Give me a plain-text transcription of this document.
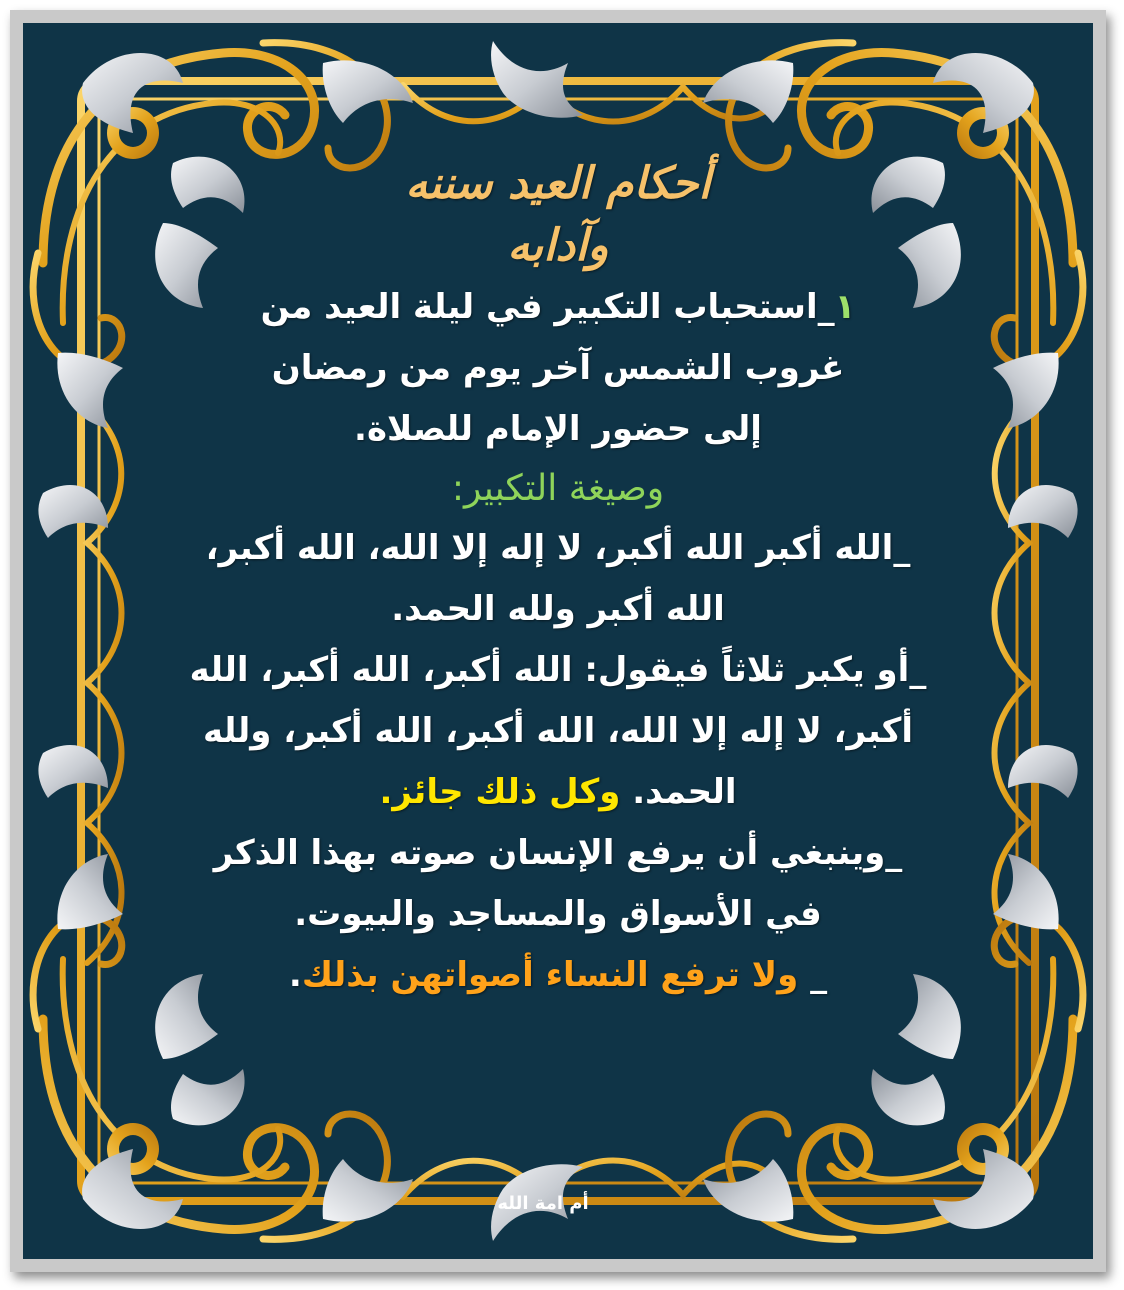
أحكام العيد سننه
وآدابه

١_استحباب التكبير في ليلة العيد من

غروب الشمس آخر يوم من رمضان

إلى حضور الإمام للصلاة.

وصيغة التكبير:

_الله أكبر الله أكبر، لا إله إلا الله، الله أكبر،

الله أكبر ولله الحمد.

_أو يكبر ثلاثاً فيقول: الله أكبر، الله أكبر، الله

أكبر، لا إله إلا الله، الله أكبر، الله أكبر، ولله

الحمد. وكل ذلك جائز.

_وينبغي أن يرفع الإنسان صوته بهذا الذكر

في الأسواق والمساجد والبيوت.

_ ولا ترفع النساء أصواتهن بذلك.

أم امة الله
